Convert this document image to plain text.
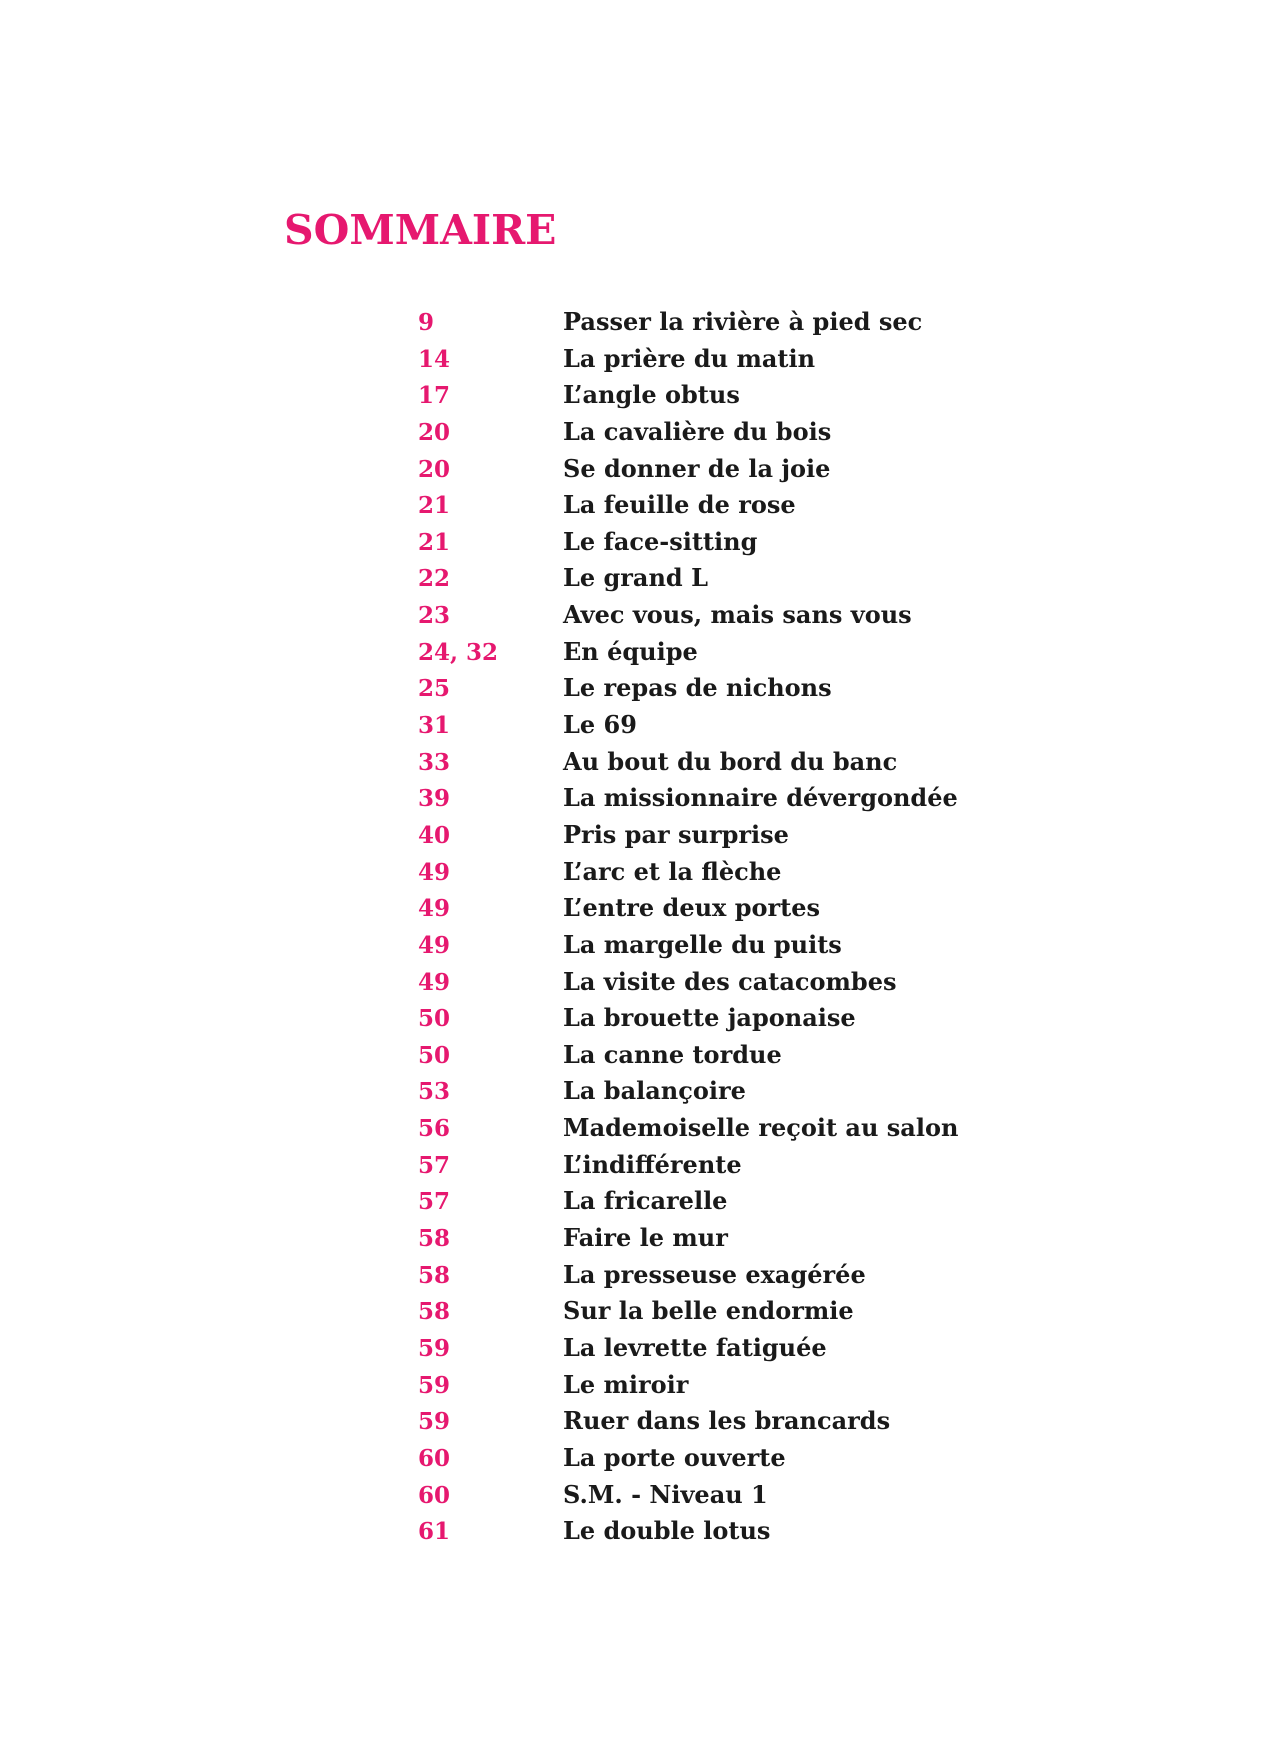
SOMMAIRE
9	Passer la rivière à pied sec
14	La prière du matin
17	L’angle obtus
20	La cavalière du bois
20	Se donner de la joie
21	La feuille de rose
21	Le face-sitting
22	Le grand L
23	Avec vous, mais sans vous
24, 32	En équipe
25	Le repas de nichons
31	Le 69
33	Au bout du bord du banc
39	La missionnaire dévergondée
40	Pris par surprise
49	L’arc et la flèche
49	L’entre deux portes
49	La margelle du puits
49	La visite des catacombes
50	La brouette japonaise
50	La canne tordue
53	La balançoire
56	Mademoiselle reçoit au salon
57	L’indifférente
57	La fricarelle
58	Faire le mur
58	La presseuse exagérée
58	Sur la belle endormie
59	La levrette fatiguée
59	Le miroir
59	Ruer dans les brancards
60	La porte ouverte
60	S.M. - Niveau 1
61	Le double lotus
